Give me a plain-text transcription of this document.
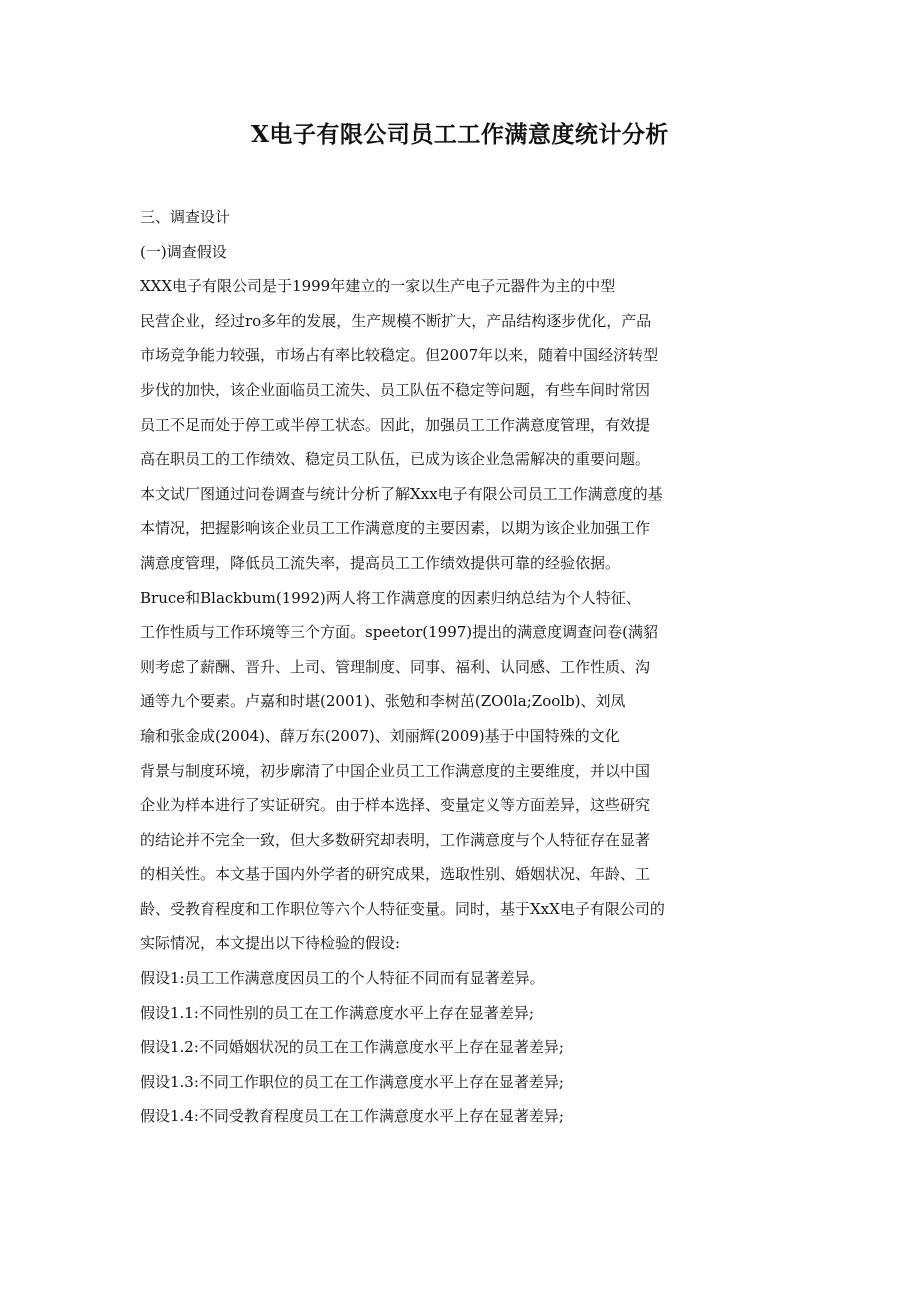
X电子有限公司员工工作满意度统计分析
三、调查设计
(一)调查假设
XXX电子有限公司是于1999年建立的一家以生产电子元器件为主的中型
民营企业，经过ro多年的发展，生产规模不断扩大，产品结构逐步优化，产品
市场竞争能力较强，市场占有率比较稳定。但2007年以来，随着中国经济转型
步伐的加快，该企业面临员工流失、员工队伍不稳定等问题，有些车间时常因
员工不足而处于停工或半停工状态。因此，加强员工工作满意度管理，有效提
高在职员工的工作绩效、稳定员工队伍，已成为该企业急需解决的重要问题。
本文试厂图通过问卷调查与统计分析了解Xxx电子有限公司员工工作满意度的基
本情况，把握影响该企业员工工作满意度的主要因素，以期为该企业加强工作
满意度管理，降低员工流失率，提高员工工作绩效提供可靠的经验依据。
Bruce和Blackbum(1992)两人将工作满意度的因素归纳总结为个人特征、
工作性质与工作环境等三个方面。speetor(1997)提出的满意度调查问卷(满貂
则考虑了薪酬、晋升、上司、管理制度、同事、福利、认同感、工作性质、沟
通等九个要素。卢嘉和时堪(2001)、张勉和李树茁(ZO0la;Zoolb)、刘凤
瑜和张金成(2004)、薛万东(2007)、刘丽辉(2009)基于中国特殊的文化
背景与制度环境，初步廓清了中国企业员工工作满意度的主要维度，并以中国
企业为样本进行了实证研究。由于样本选择、变量定义等方面差异，这些研究
的结论并不完全一致，但大多数研究却表明，工作满意度与个人特征存在显著
的相关性。本文基于国内外学者的研究成果，选取性别、婚姻状况、年龄、工
龄、受教育程度和工作职位等六个人特征变量。同时，基于XxX电子有限公司的
实际情况，本文提出以下待检验的假设:
假设1:员工工作满意度因员工的个人特征不同而有显著差异。
假设1.1:不同性别的员工在工作满意度水平上存在显著差异;
假设1.2:不同婚姻状况的员工在工作满意度水平上存在显著差异;
假设1.3:不同工作职位的员工在工作满意度水平上存在显著差异;
假设1.4:不同受教育程度员工在工作满意度水平上存在显著差异;
